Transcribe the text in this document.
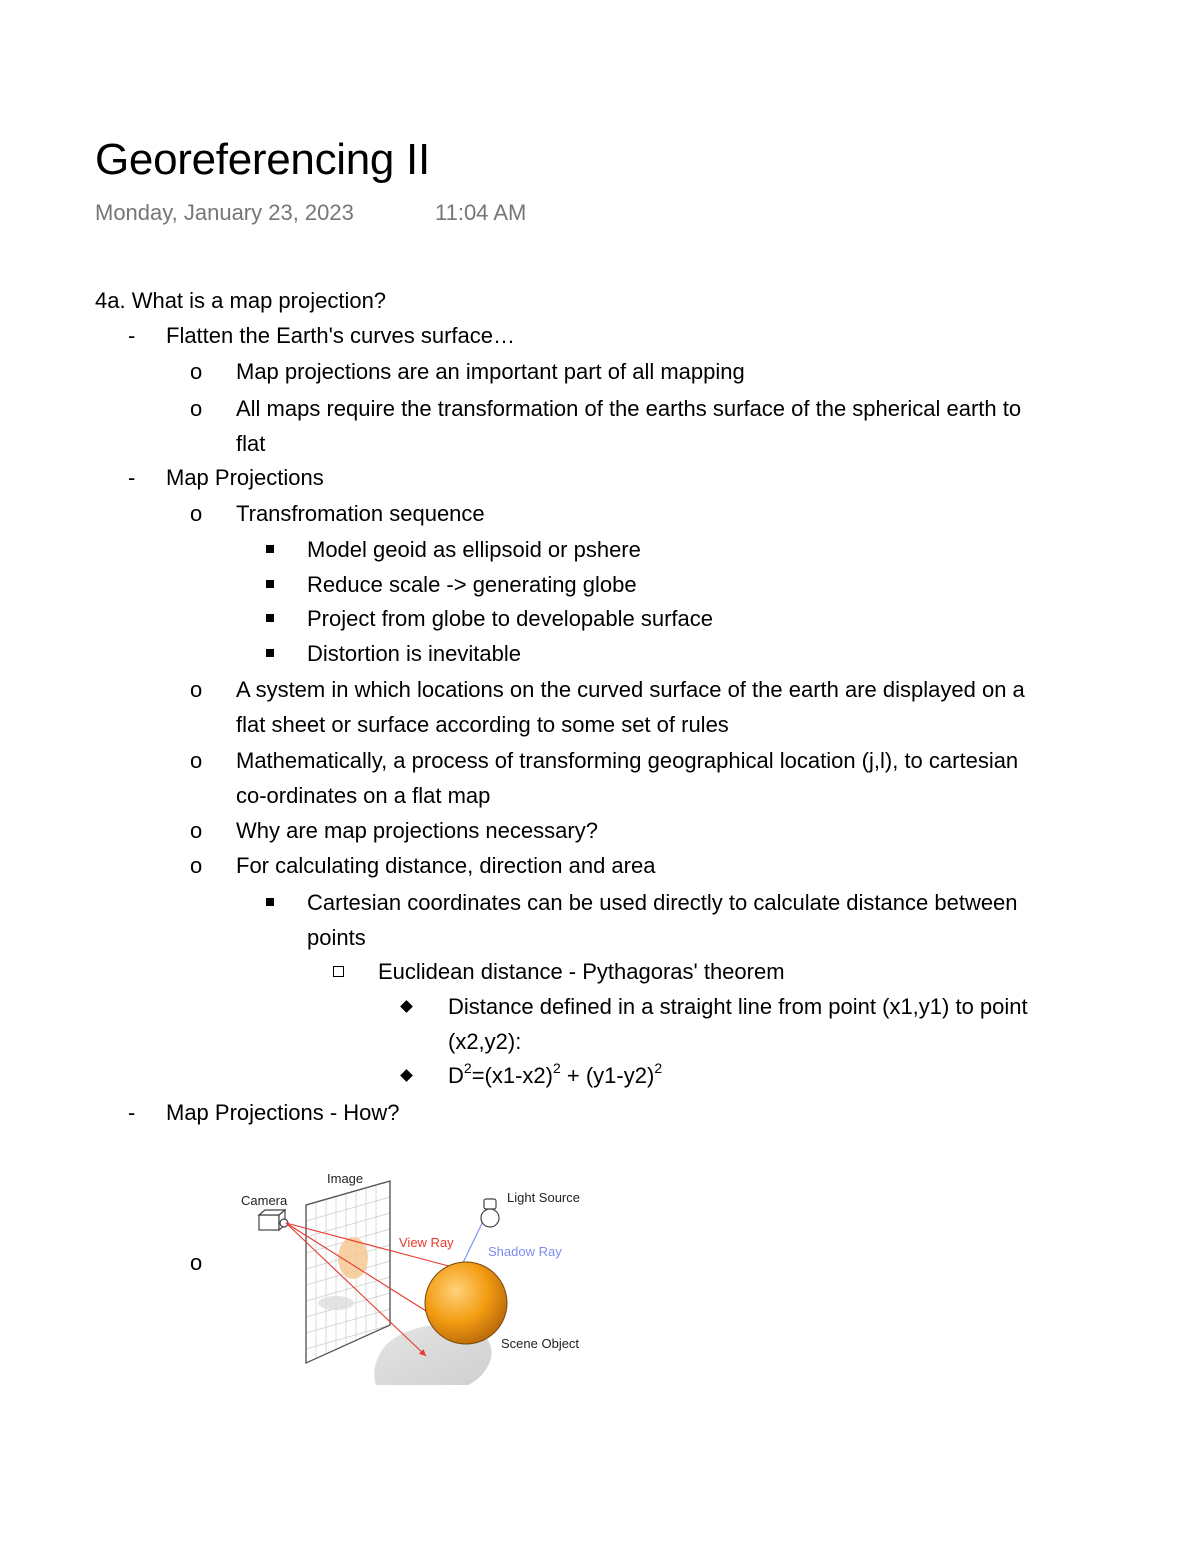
Georeferencing II
Monday, January 23, 2023	11:04 AM
4a. What is a map projection?
- Flatten the Earth's curves surface…
o Map projections are an important part of all mapping
o All maps require the transformation of the earths surface of the spherical earth to
flat
- Map Projections
o Transfromation sequence
Model geoid as ellipsoid or pshere
Reduce scale -> generating globe
Project from globe to developable surface
Distortion is inevitable
o A system in which locations on the curved surface of the earth are displayed on a
flat sheet or surface according to some set of rules
o Mathematically, a process of transforming geographical location (j,l), to cartesian
co-ordinates on a flat map
o Why are map projections necessary?
o For calculating distance, direction and area
Cartesian coordinates can be used directly to calculate distance between
points
Euclidean distance - Pythagoras' theorem
Distance defined in a straight line from point (x1,y1) to point
(x2,y2):
$D^2=(x1-x2)^2 + (y1-y2)^2$
- Map Projections - How?
o
Image
Camera	Light Source
View Ray
Shadow Ray
Scene Object
